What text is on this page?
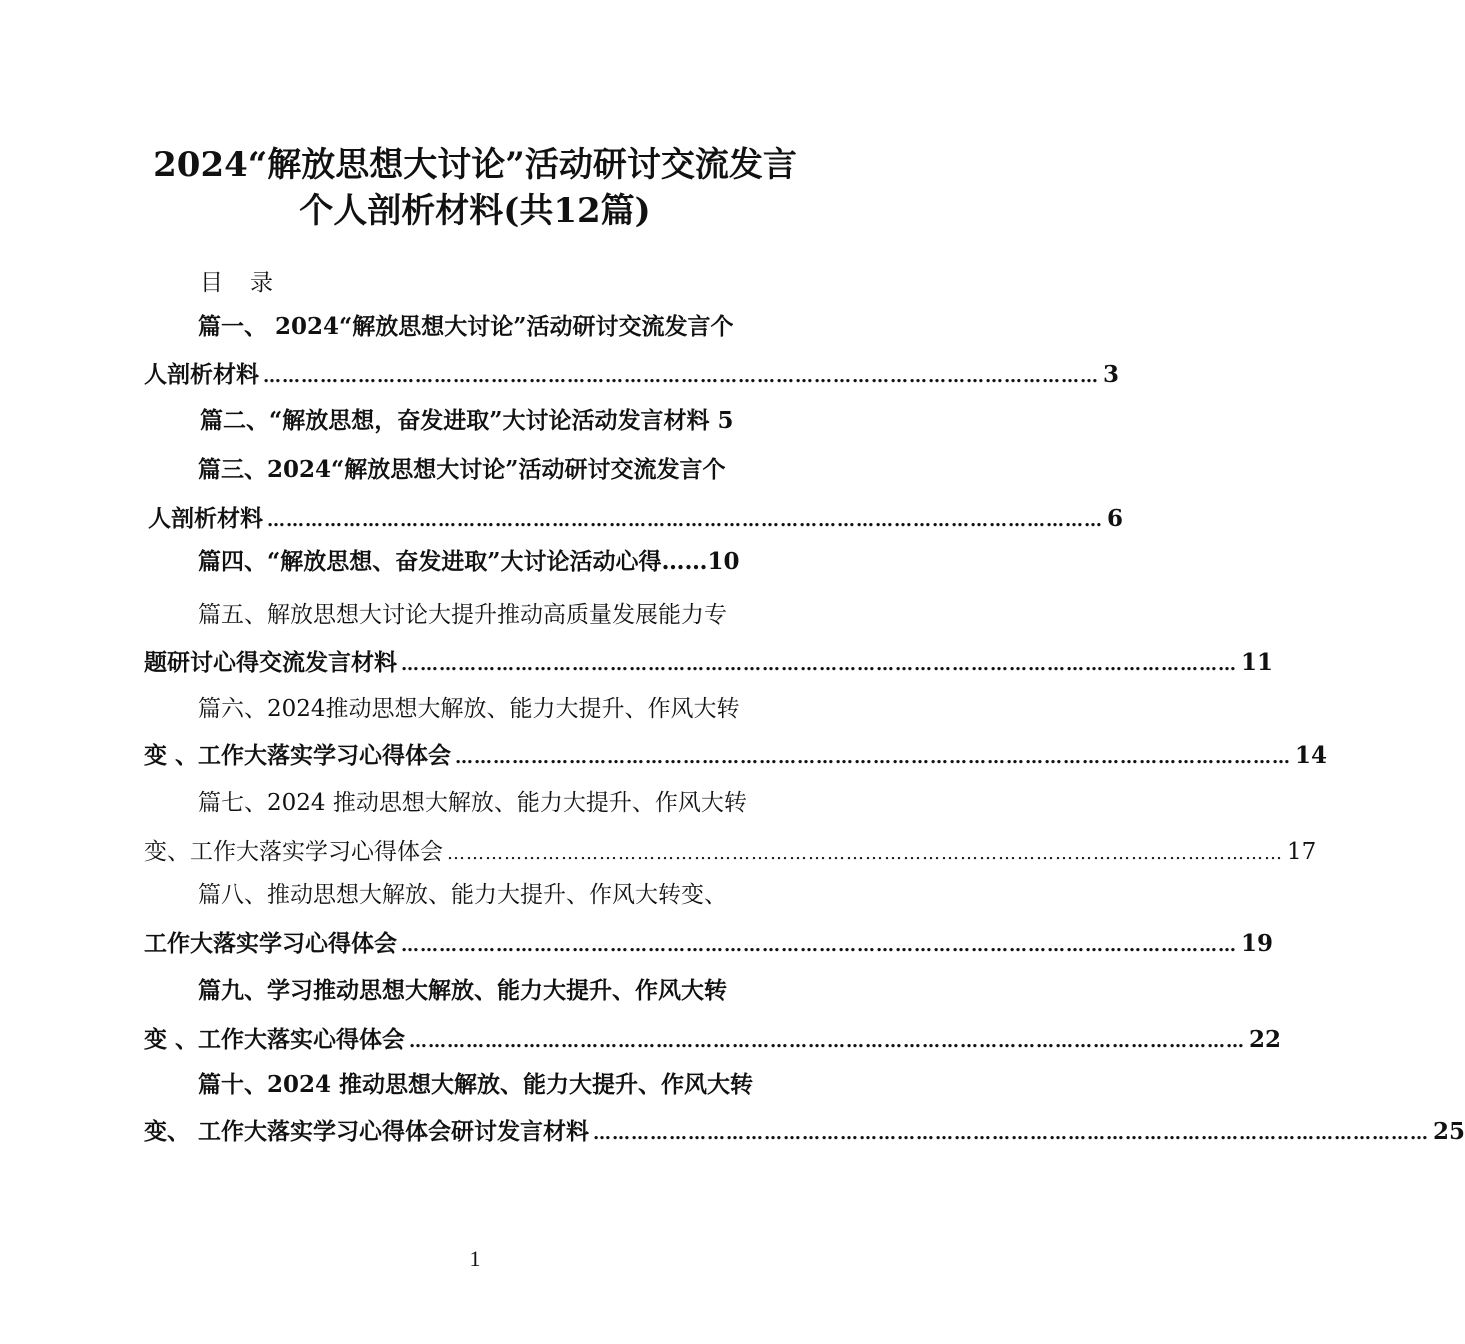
2024“解放思想大讨论”活动研讨交流发言
个人剖析材料(共12篇)
目　录
篇一、 2024“解放思想大讨论”活动研讨交流发言个
人剖析材料 …………………………………………………………………………………………………………………… 3
篇二、“解放思想，奋发进取”大讨论活动发言材料 5
篇三、2024“解放思想大讨论”活动研讨交流发言个
人剖析材料 …………………………………………………………………………………………………………………… 6
篇四、“解放思想、奋发进取”大讨论活动心得……10
篇五、解放思想大讨论大提升推动高质量发展能力专
题研讨心得交流发言材料 …………………………………………………………………………………………………………………… 11
篇六、2024推动思想大解放、能力大提升、作风大转
变 、工作大落实学习心得体会 …………………………………………………………………………………………………………………… 14
篇七、2024 推动思想大解放、能力大提升、作风大转
变、工作大落实学习心得体会 …………………………………………………………………………………………………………………… 17
篇八、推动思想大解放、能力大提升、作风大转变、
工作大落实学习心得体会 …………………………………………………………………………………………………………………… 19
篇九、学习推动思想大解放、能力大提升、作风大转
变 、工作大落实心得体会 …………………………………………………………………………………………………………………… 22
篇十、2024 推动思想大解放、能力大提升、作风大转
变、 工作大落实学习心得体会研讨发言材料 …………………………………………………………………………………………………………………… 25
1
